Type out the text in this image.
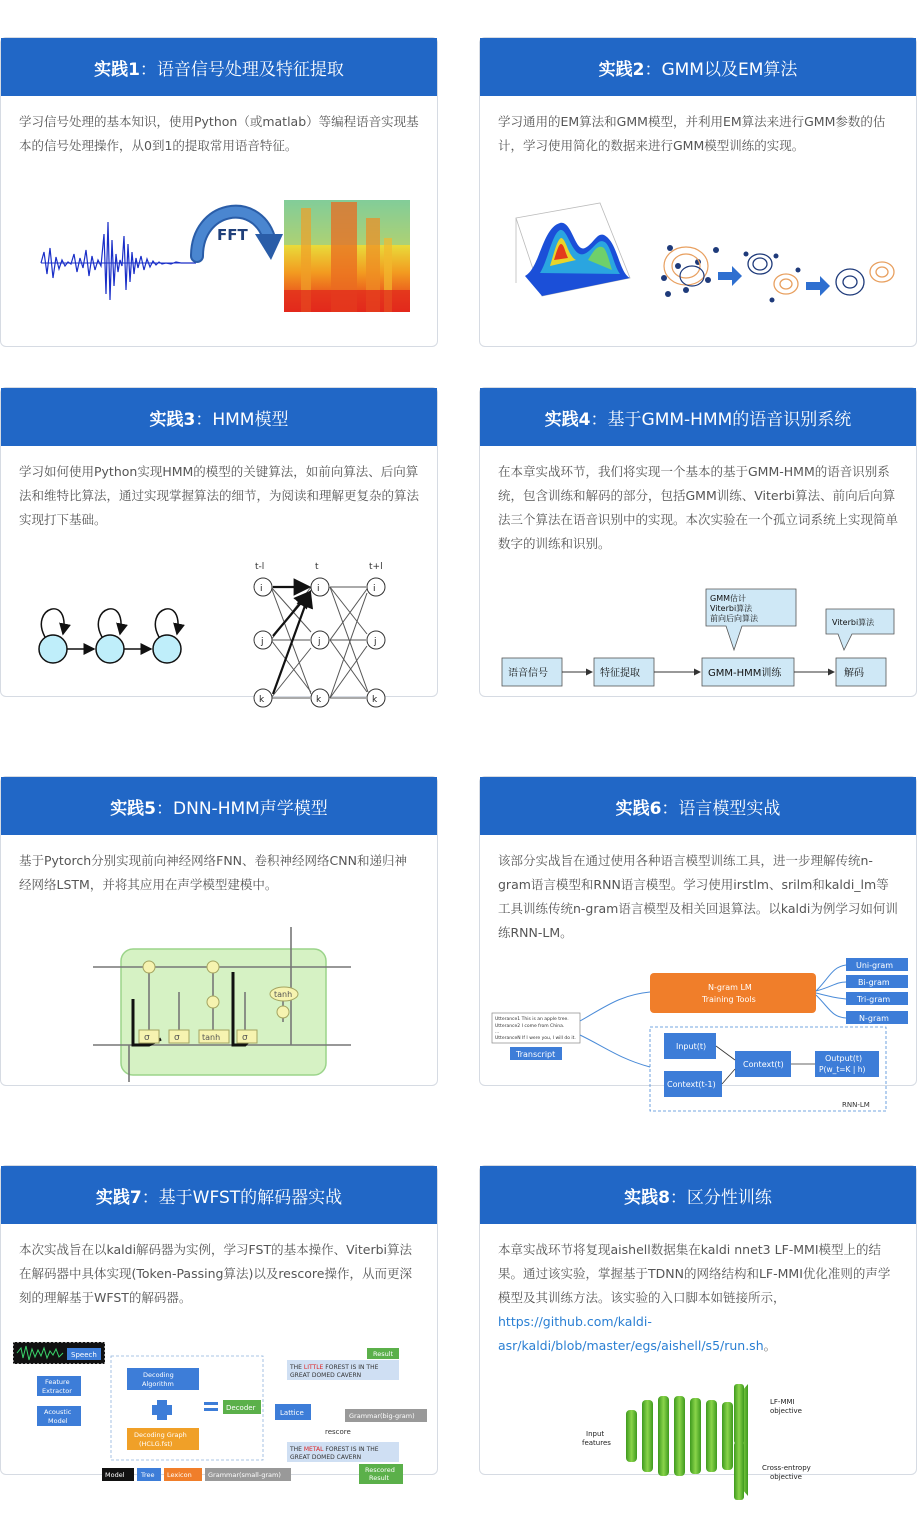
实践1 ：语音信号处理及特征提取
学习信号处理的基本知识，使用Python（或matlab）等编程语音实现基本的信号处理操作，从0到1的提取常用语音特征。
FFT
实践2 ：GMM以及EM算法
学习通用的EM算法和GMM模型，并利用EM算法来进行GMM参数的估计，学习使用简化的数据来进行GMM模型训练的实现。
实践3 ：HMM模型
学习如何使用Python实现HMM的模型的关键算法，如前向算法、后向算法和维特比算法，通过实现掌握算法的细节，为阅读和理解更复杂的算法实现打下基础。
t-l	t	t+l
i	i	i
j	j	j
k	k	k
实践4 ：基于GMM-HMM的语音识别系统
在本章实战环节，我们将实现一个基本的基于GMM-HMM的语音识别系统，包含训练和解码的部分，包括GMM训练、Viterbi算法、前向后向算法三个算法在语音识别中的实现。本次实验在一个孤立词系统上实现简单数字的训练和识别。
GMM估计
Viterbi算法
前向后向算法	Viterbi算法
语音信号	特征提取	GMM-HMM训练	解码
实践5 ：DNN-HMM声学模型
基于Pytorch分别实现前向神经网络FNN、卷积神经网络CNN和递归神经网络LSTM，并将其应用在声学模型建模中。
σ	σ	tanh σ
tanh
实践6 ：语言模型实战
该部分实战旨在通过使用各种语言模型训练工具，进一步理解传统n-gram语言模型和RNN语言模型。学习使用irstlm、srilm和kaldi_lm等工具训练传统n-gram语言模型及相关回退算法。以kaldi为例学习如何训练RNN-LM。
Utterance1 This is an apple tree.
Utterance2 I come from China.
...
UtteranceN If I were you, I will do it.
Transcript
N-gram LM
Training Tools
Uni-gram
Bi-gram
Tri-gram
N-gram
Input(t)
Context(t-1)
Context(t)
Output(t)
P(w_t=K | h)
RNN-LM
实践7 ：基于WFST的解码器实战
本次实战旨在以kaldi解码器为实例，学习FST的基本操作、Viterbi算法在解码器中具体实现(Token-Passing算法)以及rescore操作，从而更深刻的理解基于WFST的解码器。
Speech
Feature
Extractor
Acoustic
Model
Decoding
Algorithm
Decoding Graph
(HCLG.fst)
Decoder
Lattice
Result
THE LITTLE FOREST IS IN THE
GREAT DOMED CAVERN
Grammar(big-gram)
rescore
THE METAL FOREST IS IN THE
GREAT DOMED CAVERN
Rescored
Result
Model	Tree Lexicon	Grammar(small-gram)
实践8 ：区分性训练
本章实战环节将复现aishell数据集在kaldi nnet3 LF-MMI模型上的结果。通过该实验，掌握基于TDNN的网络结构和LF-MMI优化准则的声学模型及其训练方法。该实验的入口脚本如链接所示，https://github.com/kaldi-asr/kaldi/blob/master/egs/aishell/s5/run.sh。
Input
features
LF-MMI
objective
Cross-entropy
objective
